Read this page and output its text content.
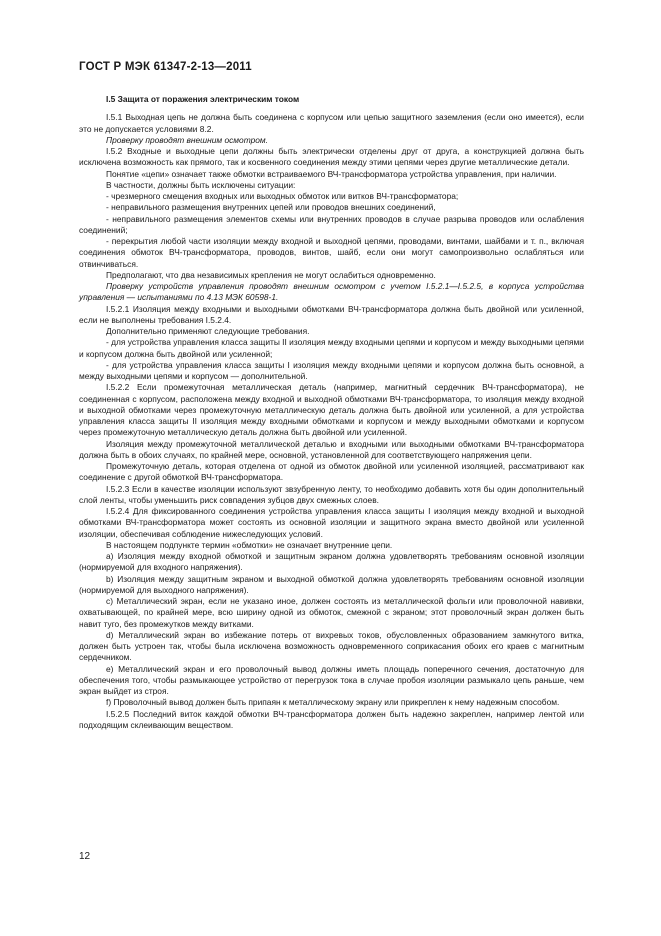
ГОСТ Р МЭК 61347-2-13—2011
I.5 Защита от поражения электрическим током

I.5.1 Выходная цепь не должна быть соединена с корпусом или цепью защитного заземления (если оно имеется), если это не допускается условиями 8.2.

Проверку проводят внешним осмотром.

I.5.2 Входные и выходные цепи должны быть электрически отделены друг от друга, а конструкцией должна быть исключена возможность как прямого, так и косвенного соединения между этими цепями через другие металлические детали.

Понятие «цепи» означает также обмотки встраиваемого ВЧ-трансформатора устройства управления, при наличии.

В частности, должны быть исключены ситуации:

- чрезмерного смещения входных или выходных обмоток или витков ВЧ-трансформатора;

- неправильного размещения внутренних цепей или проводов внешних соединений,

- неправильного размещения элементов схемы или внутренних проводов в случае разрыва проводов или ослабления соединений;

- перекрытия любой части изоляции между входной и выходной цепями, проводами, винтами, шайбами и т. п., включая соединения обмоток ВЧ-трансформатора, проводов, винтов, шайб, если они могут самопроизвольно ослабляться или отвинчиваться.

Предполагают, что два независимых крепления не могут ослабиться одновременно.

Проверку устройств управления проводят внешним осмотром с учетом I.5.2.1—I.5.2.5, в корпуса устройства управления — испытаниями по 4.13 МЭК 60598-1.

I.5.2.1 Изоляция между входными и выходными обмотками ВЧ-трансформатора должна быть двойной или усиленной, если не выполнены требования I.5.2.4.

Дополнительно применяют следующие требования.

- для устройства управления класса защиты II изоляция между входными цепями и корпусом и между выходными цепями и корпусом должна быть двойной или усиленной;

- для устройства управления класса защиты I изоляция между входными цепями и корпусом должна быть основной, а между выходными цепями и корпусом — дополнительной.

I.5.2.2 Если промежуточная металлическая деталь (например, магнитный сердечник ВЧ-трансформатора), не соединенная с корпусом, расположена между входной и выходной обмотками ВЧ-трансформатора, то изоляция между входной и выходной обмотками через промежуточную металлическую деталь должна быть двойной или усиленной, а для устройства управления класса защиты II изоляция между входными обмотками и корпусом и между выходными обмотками и корпусом через промежуточную металлическую деталь должна быть двойной или усиленной.

Изоляция между промежуточной металлической деталью и входными или выходными обмотками ВЧ-трансформатора должна быть в обоих случаях, по крайней мере, основной, установленной для соответствующего напряжения цепи.

Промежуточную деталь, которая отделена от одной из обмоток двойной или усиленной изоляцией, рассматривают как соединение с другой обмоткой ВЧ-трансформатора.

I.5.2.3 Если в качестве изоляции используют звзубренную ленту, то необходимо добавить хотя бы один дополнительный слой ленты, чтобы уменьшить риск совпадения зубцов двух смежных слоев.

I.5.2.4 Для фиксированного соединения устройства управления класса защиты I изоляция между входной и выходной обмотками ВЧ-трансформатора может состоять из основной изоляции и защитного экрана вместо двойной или усиленной изоляции, обеспечивая соблюдение нижеследующих условий.

В настоящем подпункте термин «обмотки» не означает внутренние цепи.

а) Изоляция между входной обмоткой и защитным экраном должна удовлетворять требованиям основной изоляции (нормируемой для входного напряжения).

b) Изоляция между защитным экраном и выходной обмоткой должна удовлетворять требованиям основной изоляции (нормируемой для выходного напряжения).

c) Металлический экран, если не указано иное, должен состоять из металлической фольги или проволочной навивки, охватывающей, по крайней мере, всю ширину одной из обмоток, смежной с экраном; этот проволочный экран должен быть навит туго, без промежутков между витками.

d) Металлический экран во избежание потерь от вихревых токов, обусловленных образованием замкнутого витка, должен быть устроен так, чтобы была исключена возможность одновременного соприкасания обоих его краев с магнитным сердечником.

e) Металлический экран и его проволочный вывод должны иметь площадь поперечного сечения, достаточную для обеспечения того, чтобы размыкающее устройство от перегрузок тока в случае пробоя изоляции размыкало цепь раньше, чем экран выйдет из строя.

f) Проволочный вывод должен быть припаян к металлическому экрану или прикреплен к нему надежным способом.

I.5.2.5 Последний виток каждой обмотки ВЧ-трансформатора должен быть надежно закреплен, например лентой или подходящим склеивающим веществом.

12
